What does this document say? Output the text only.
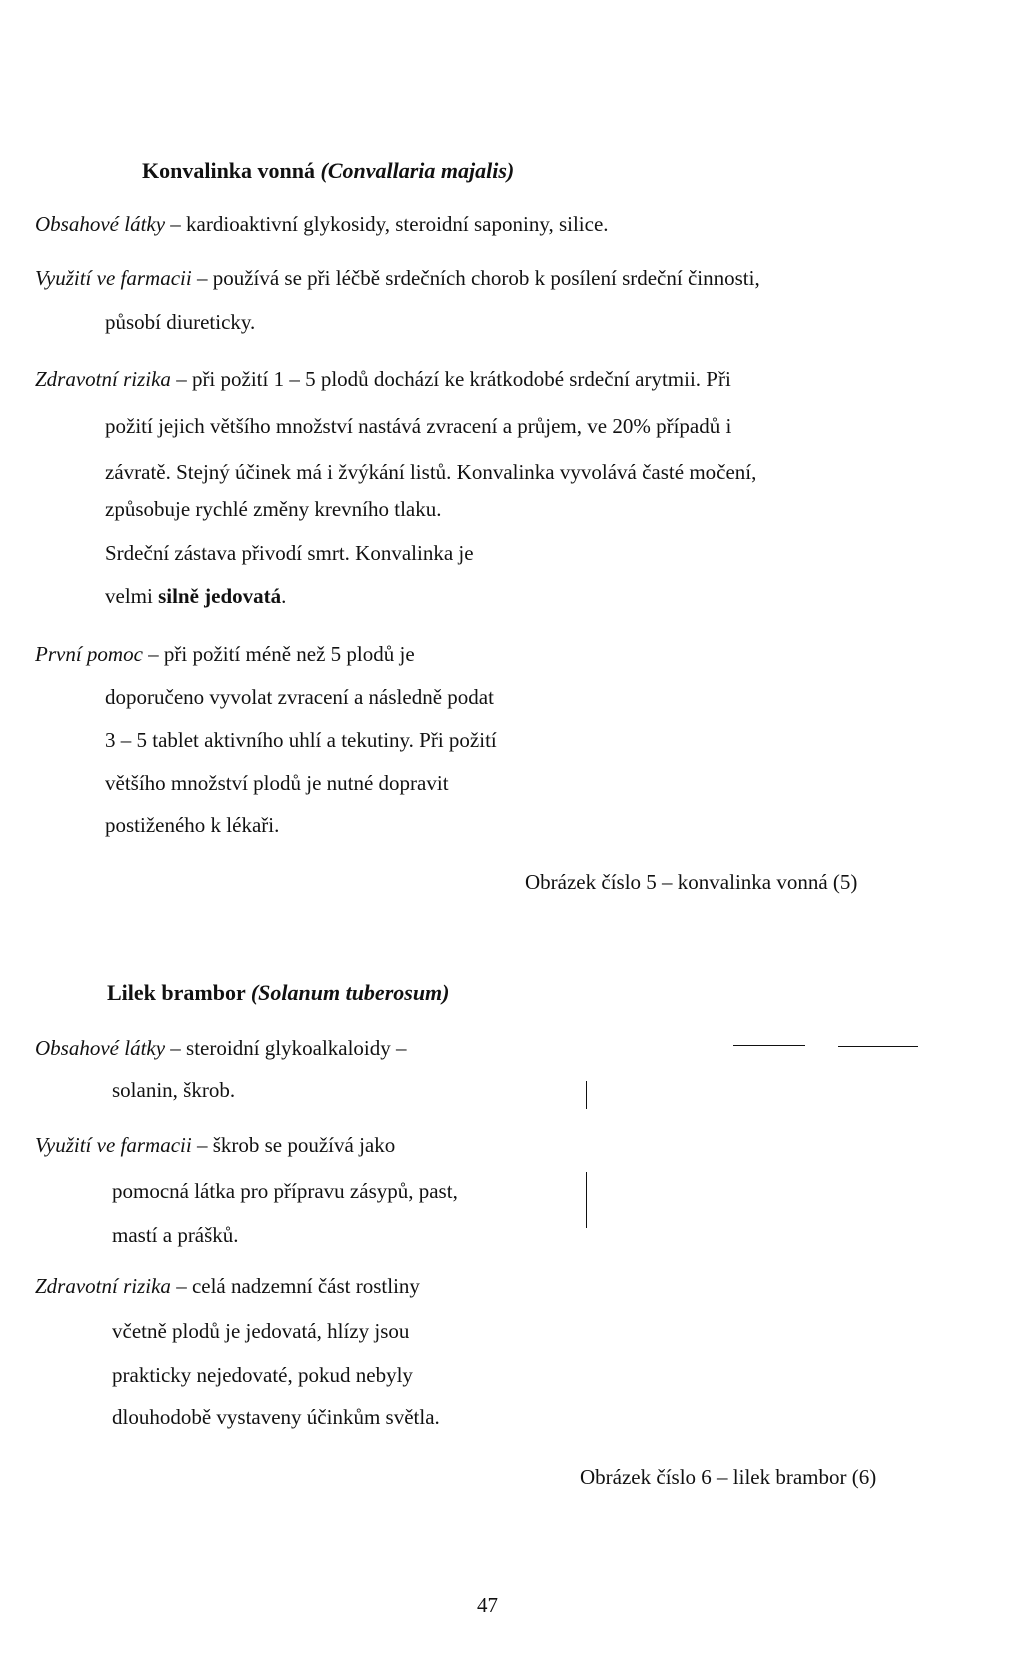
Konvalinka vonná (Convallaria majalis)
Obsahové látky – kardioaktivní glykosidy, steroidní saponiny, silice.
Využití ve farmacii – používá se při léčbě srdečních chorob k posílení srdeční činnosti,
působí diureticky.
Zdravotní rizika – při požití 1 – 5 plodů dochází ke krátkodobé srdeční arytmii. Při
požití jejich většího množství nastává zvracení a průjem, ve 20% případů i
závratě. Stejný účinek má i žvýkání listů. Konvalinka vyvolává časté močení,
způsobuje rychlé změny krevního tlaku.
Srdeční zástava přivodí smrt. Konvalinka je
velmi silně jedovatá.
První pomoc – při požití méně než 5 plodů je
doporučeno vyvolat zvracení a následně podat
3 – 5 tablet aktivního uhlí a tekutiny. Při požití
většího množství plodů je nutné dopravit
postiženého k lékaři.
Obrázek číslo 5 – konvalinka vonná (5)
Lilek brambor (Solanum tuberosum)
Obsahové látky – steroidní glykoalkaloidy –
solanin, škrob.
Využití ve farmacii – škrob se používá jako
pomocná látka pro přípravu zásypů, past,
mastí a prášků.
Zdravotní rizika – celá nadzemní část rostliny
včetně plodů je jedovatá, hlízy jsou
prakticky nejedovaté, pokud nebyly
dlouhodobě vystaveny účinkům světla.
Obrázek číslo 6 – lilek brambor (6)
47
